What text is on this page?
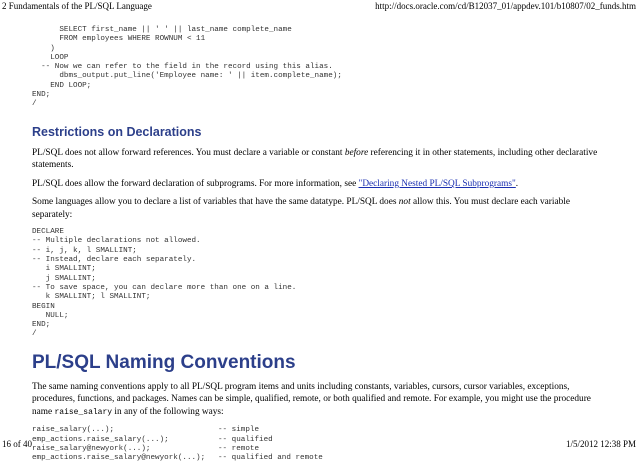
2 Fundamentals of the PL/SQL Language	http://docs.oracle.com/cd/B12037_01/appdev.101/b10807/02_funds.htm
SELECT first_name || ' ' || last_name complete_name
FROM employees WHERE ROWNUM < 11
)
LOOP
-- Now we can refer to the field in the record using this alias.
dbms_output.put_line('Employee name: ' || item.complete_name);
END LOOP;
END;
/
Restrictions on Declarations

PL/SQL does not allow forward references. You must declare a variable or constant before referencing it in other statements, including other declarative statements.

PL/SQL does allow the forward declaration of subprograms. For more information, see "Declaring Nested PL/SQL Subprograms".

Some languages allow you to declare a list of variables that have the same datatype. PL/SQL does not allow this. You must declare each variable separately:

DECLARE
-- Multiple declarations not allowed.
-- i, j, k, l SMALLINT;
-- Instead, declare each separately.
i SMALLINT;
j SMALLINT;
-- To save space, you can declare more than one on a line.
k SMALLINT; l SMALLINT;
BEGIN
NULL;
END;
/
PL/SQL Naming Conventions

The same naming conventions apply to all PL/SQL program items and units including constants, variables, cursors, cursor variables, exceptions, procedures, functions, and packages. Names can be simple, qualified, remote, or both qualified and remote. For example, you might use the procedure name raise_salary in any of the following ways:

raise_salary(...);
emp_actions.raise_salary(...);
raise_salary@newyork(...);
emp_actions.raise_salary@newyork(...);
-- simple
-- qualified
-- remote
-- qualified and remote
16 of 40	1/5/2012 12:38 PM
